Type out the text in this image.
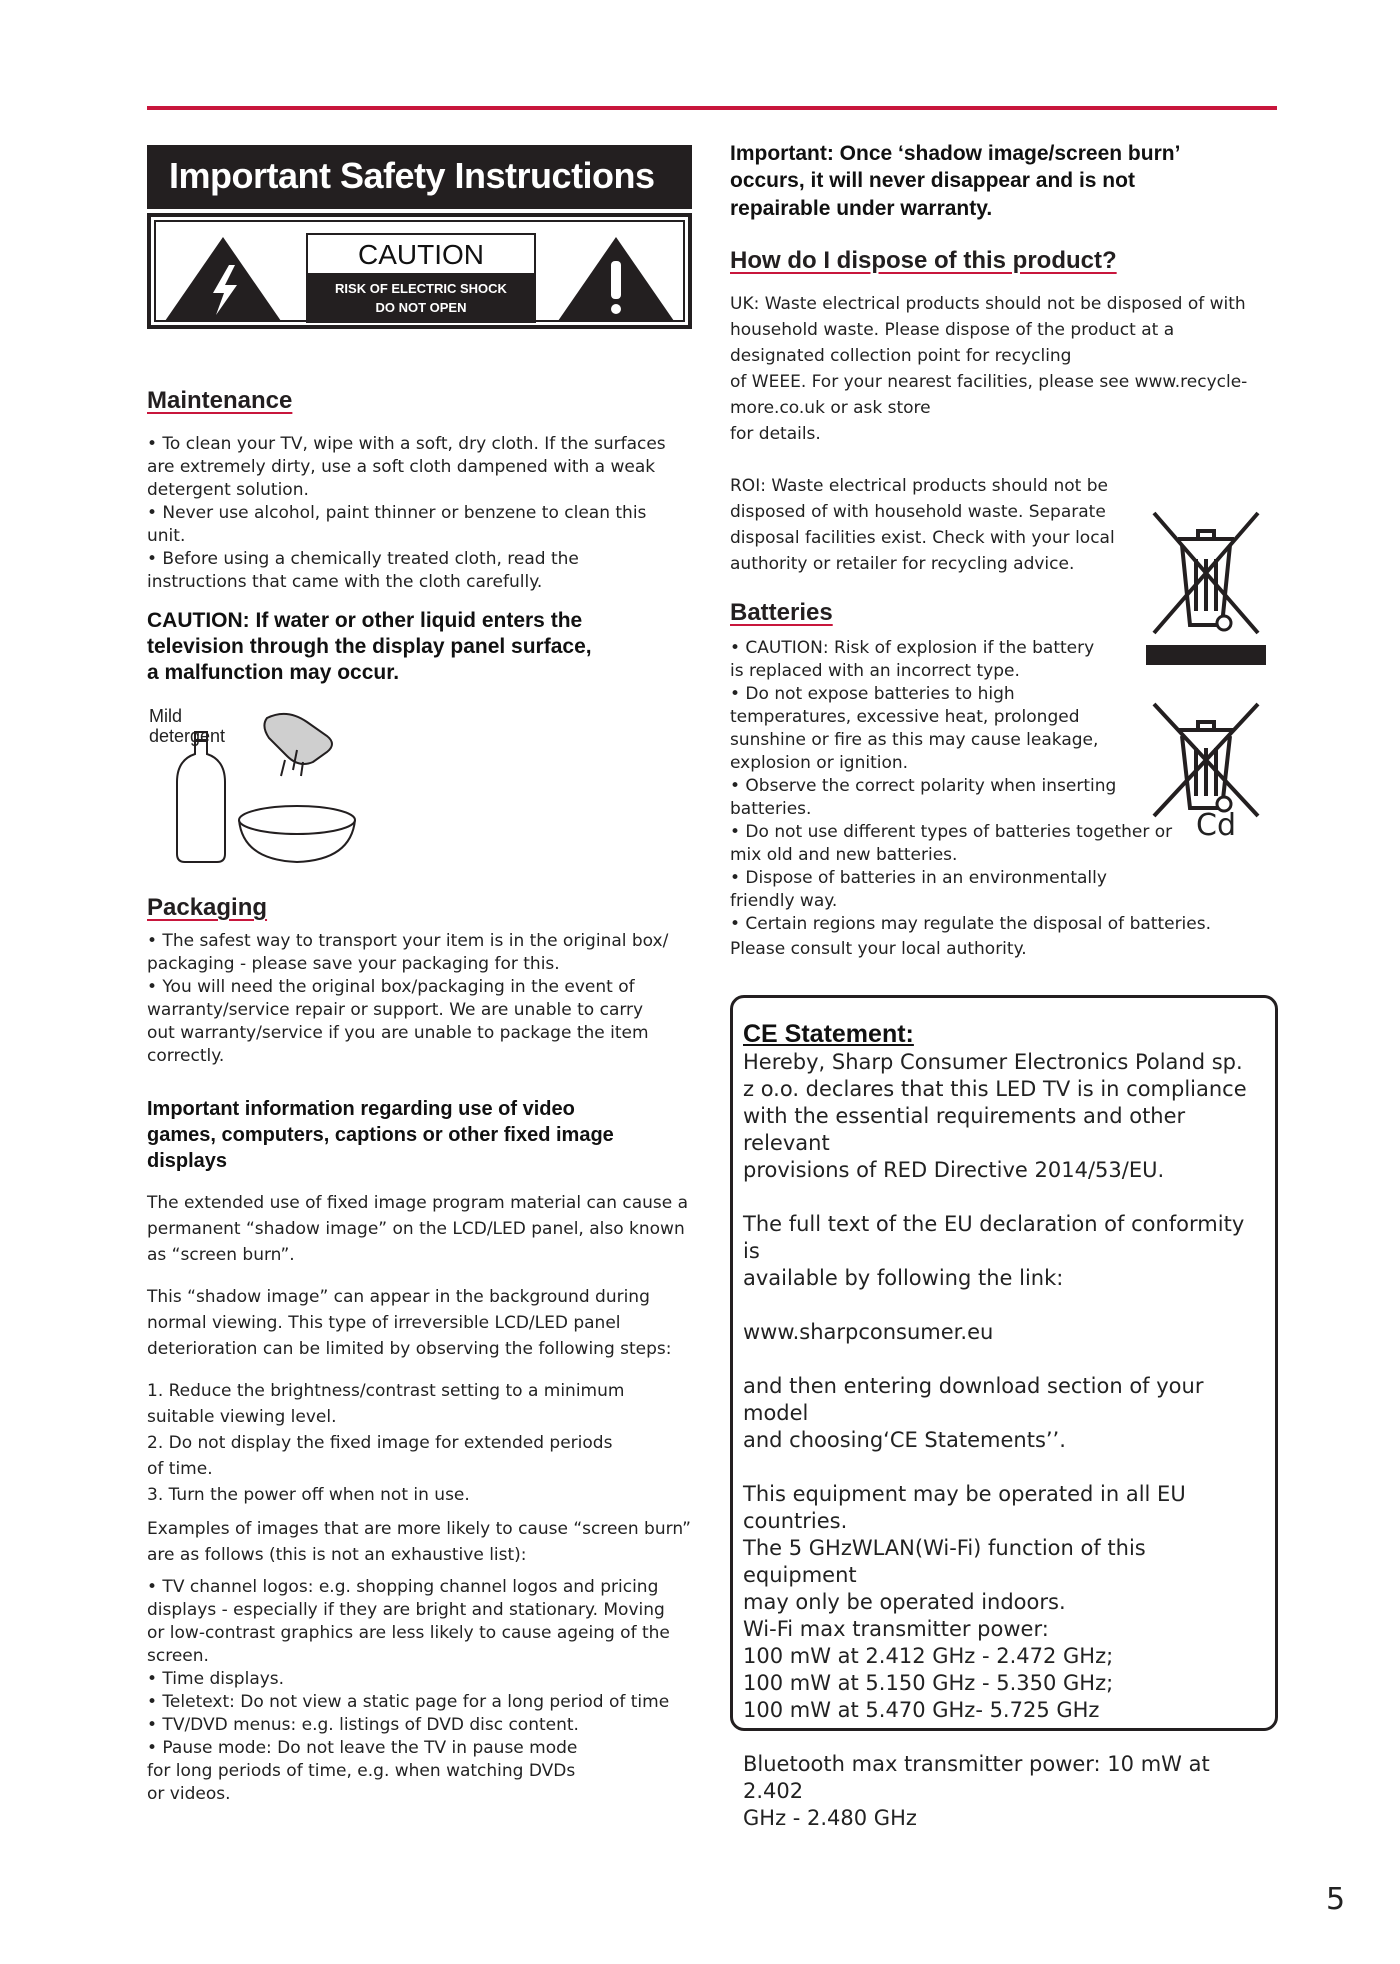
Important Safety Instructions
CAUTION
RISK OF ELECTRIC SHOCK
DO NOT OPEN
Maintenance
• To clean your TV, wipe with a soft, dry cloth. If the surfaces
are extremely dirty, use a soft cloth dampened with a weak
detergent solution.
• Never use alcohol, paint thinner or benzene to clean this
unit.
• Before using a chemically treated cloth, read the
instructions that came with the cloth carefully.
CAUTION: If water or other liquid enters the
television through the display panel surface,
a malfunction may occur.
Mild
detergent
Packaging
• The safest way to transport your item is in the original box/
packaging - please save your packaging for this.
• You will need the original box/packaging in the event of
warranty/service repair or support. We are unable to carry
out warranty/service if you are unable to package the item
correctly.
Important information regarding use of video
games, computers, captions or other fixed image
displays
The extended use of fixed image program material can cause a
permanent “shadow image” on the LCD/LED panel, also known
as “screen burn”.
This “shadow image” can appear in the background during
normal viewing. This type of irreversible LCD/LED panel
deterioration can be limited by observing the following steps:
1. Reduce the brightness/contrast setting to a minimum
suitable viewing level.
2. Do not display the fixed image for extended periods
of time.
3. Turn the power off when not in use.
Examples of images that are more likely to cause “screen burn”
are as follows (this is not an exhaustive list):
• TV channel logos: e.g. shopping channel logos and pricing
displays - especially if they are bright and stationary. Moving
or low-contrast graphics are less likely to cause ageing of the
screen.
• Time displays.
• Teletext: Do not view a static page for a long period of time
• TV/DVD menus: e.g. listings of DVD disc content.
• Pause mode: Do not leave the TV in pause mode
for long periods of time, e.g. when watching DVDs
or videos.
Important: Once ‘shadow image/screen burn’
occurs, it will never disappear and is not
repairable under warranty.
How do I dispose of this product?
UK: Waste electrical products should not be disposed of with
household waste. Please dispose of the product at a
designated collection point for recycling
of WEEE. For your nearest facilities, please see www.recycle-
more.co.uk or ask store
for details.
ROI: Waste electrical products should not be
disposed of with household waste. Separate
disposal facilities exist. Check with your local
authority or retailer for recycling advice.
Batteries
• CAUTION: Risk of explosion if the battery
is replaced with an incorrect type.
• Do not expose batteries to high
temperatures, excessive heat, prolonged
sunshine or fire as this may cause leakage,
explosion or ignition.
• Observe the correct polarity when inserting
batteries.
• Do not use different types of batteries together or
mix old and new batteries.
• Dispose of batteries in an environmentally
friendly way.
• Certain regions may regulate the disposal of batteries.
Please consult your local authority.
Cd
CE Statement:
Hereby, Sharp Consumer Electronics Poland sp.
z o.o. declares that this LED TV is in compliance
with the essential requirements and other relevant
provisions of RED Directive 2014/53/EU.
The full text of the EU declaration of conformity is
available by following the link:
www.sharpconsumer.eu
and then entering download section of your model
and choosing‘CE Statements’’.
This equipment may be operated in all EU
countries.
The 5 GHzWLAN(Wi-Fi) function of this equipment
may only be operated indoors.
Wi-Fi max transmitter power:
100 mW at 2.412 GHz - 2.472 GHz;
100 mW at 5.150 GHz - 5.350 GHz;
100 mW at 5.470 GHz- 5.725 GHz
Bluetooth max transmitter power: 10 mW at 2.402
GHz - 2.480 GHz
5
